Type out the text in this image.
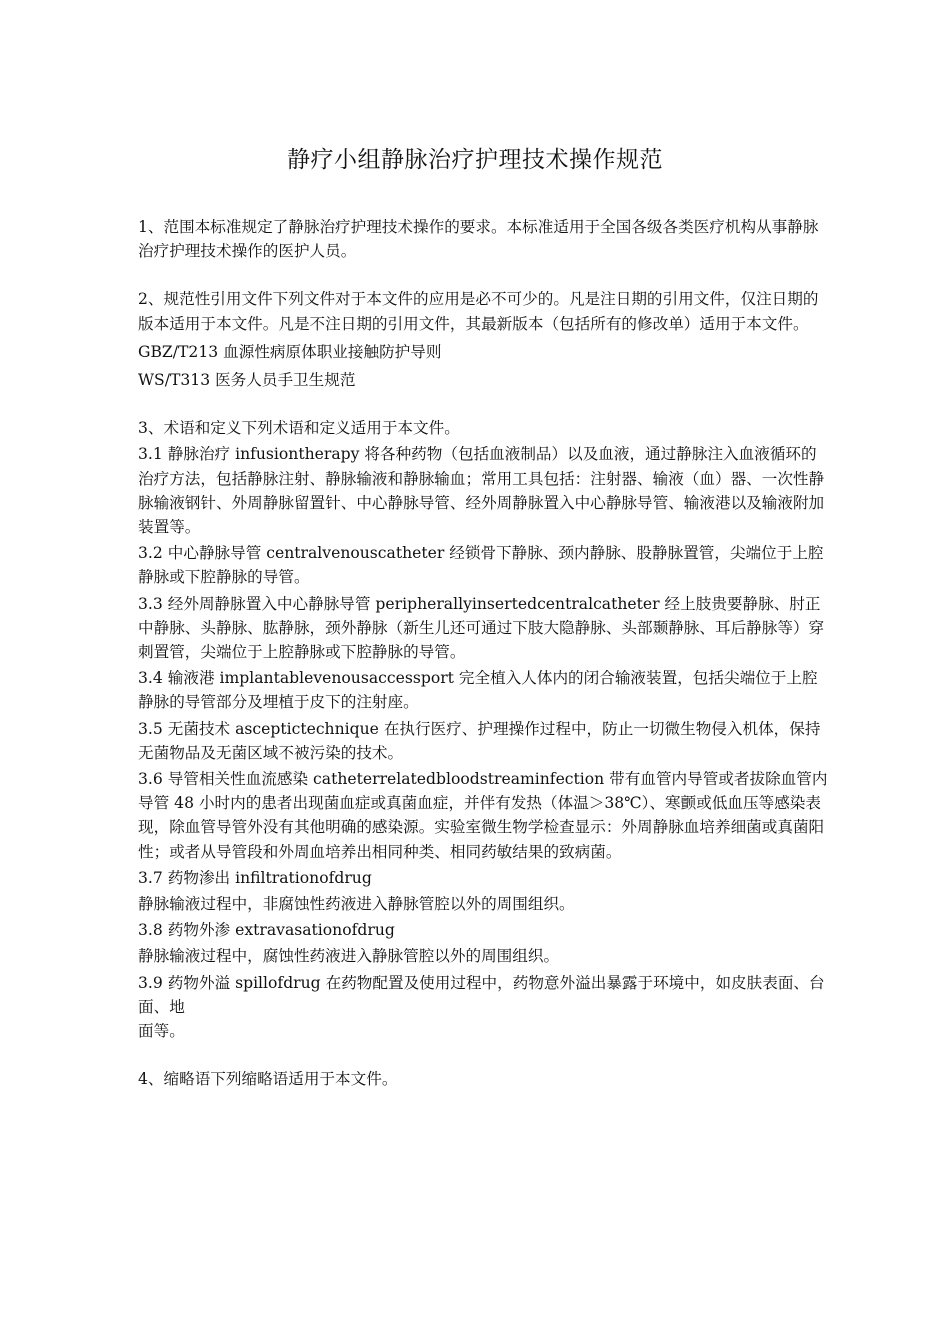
静疗小组静脉治疗护理技术操作规范

1、范围本标准规定了静脉治疗护理技术操作的要求。本标准适用于全国各级各类医疗机构从事静脉治疗护理技术操作的医护人员。

2、规范性引用文件下列文件对于本文件的应用是必不可少的。凡是注日期的引用文件，仅注日期的版本适用于本文件。凡是不注日期的引用文件，其最新版本（包括所有的修改单）适用于本文件。

GBZ/T213 血源性病原体职业接触防护导则

WS/T313 医务人员手卫生规范

3、术语和定义下列术语和定义适用于本文件。

3.1 静脉治疗 infusiontherapy 将各种药物（包括血液制品）以及血液，通过静脉注入血液循环的治疗方法，包括静脉注射、静脉输液和静脉输血；常用工具包括：注射器、输液（血）器、一次性静脉输液钢针、外周静脉留置针、中心静脉导管、经外周静脉置入中心静脉导管、输液港以及输液附加装置等。

3.2 中心静脉导管 centralvenouscatheter 经锁骨下静脉、颈内静脉、股静脉置管，尖端位于上腔静脉或下腔静脉的导管。

3.3 经外周静脉置入中心静脉导管 peripherallyinsertedcentralcatheter 经上肢贵要静脉、肘正中静脉、头静脉、肱静脉，颈外静脉（新生儿还可通过下肢大隐静脉、头部颞静脉、耳后静脉等）穿刺置管，尖端位于上腔静脉或下腔静脉的导管。

3.4 输液港 implantablevenousaccessport 完全植入人体内的闭合输液装置，包括尖端位于上腔静脉的导管部分及埋植于皮下的注射座。

3.5 无菌技术 asceptictechnique 在执行医疗、护理操作过程中，防止一切微生物侵入机体，保持无菌物品及无菌区域不被污染的技术。

3.6 导管相关性血流感染 catheterrelatedbloodstreaminfection 带有血管内导管或者拔除血管内导管 48 小时内的患者出现菌血症或真菌血症，并伴有发热（体温＞38℃）、寒颤或低血压等感染表现，除血管导管外没有其他明确的感染源。实验室微生物学检查显示：外周静脉血培养细菌或真菌阳性；或者从导管段和外周血培养出相同种类、相同药敏结果的致病菌。

3.7 药物渗出 infiltrationofdrug

静脉输液过程中，非腐蚀性药液进入静脉管腔以外的周围组织。

3.8 药物外渗 extravasationofdrug

静脉输液过程中，腐蚀性药液进入静脉管腔以外的周围组织。

3.9 药物外溢 spillofdrug 在药物配置及使用过程中，药物意外溢出暴露于环境中，如皮肤表面、台面、地

面等。

4、缩略语下列缩略语适用于本文件。
